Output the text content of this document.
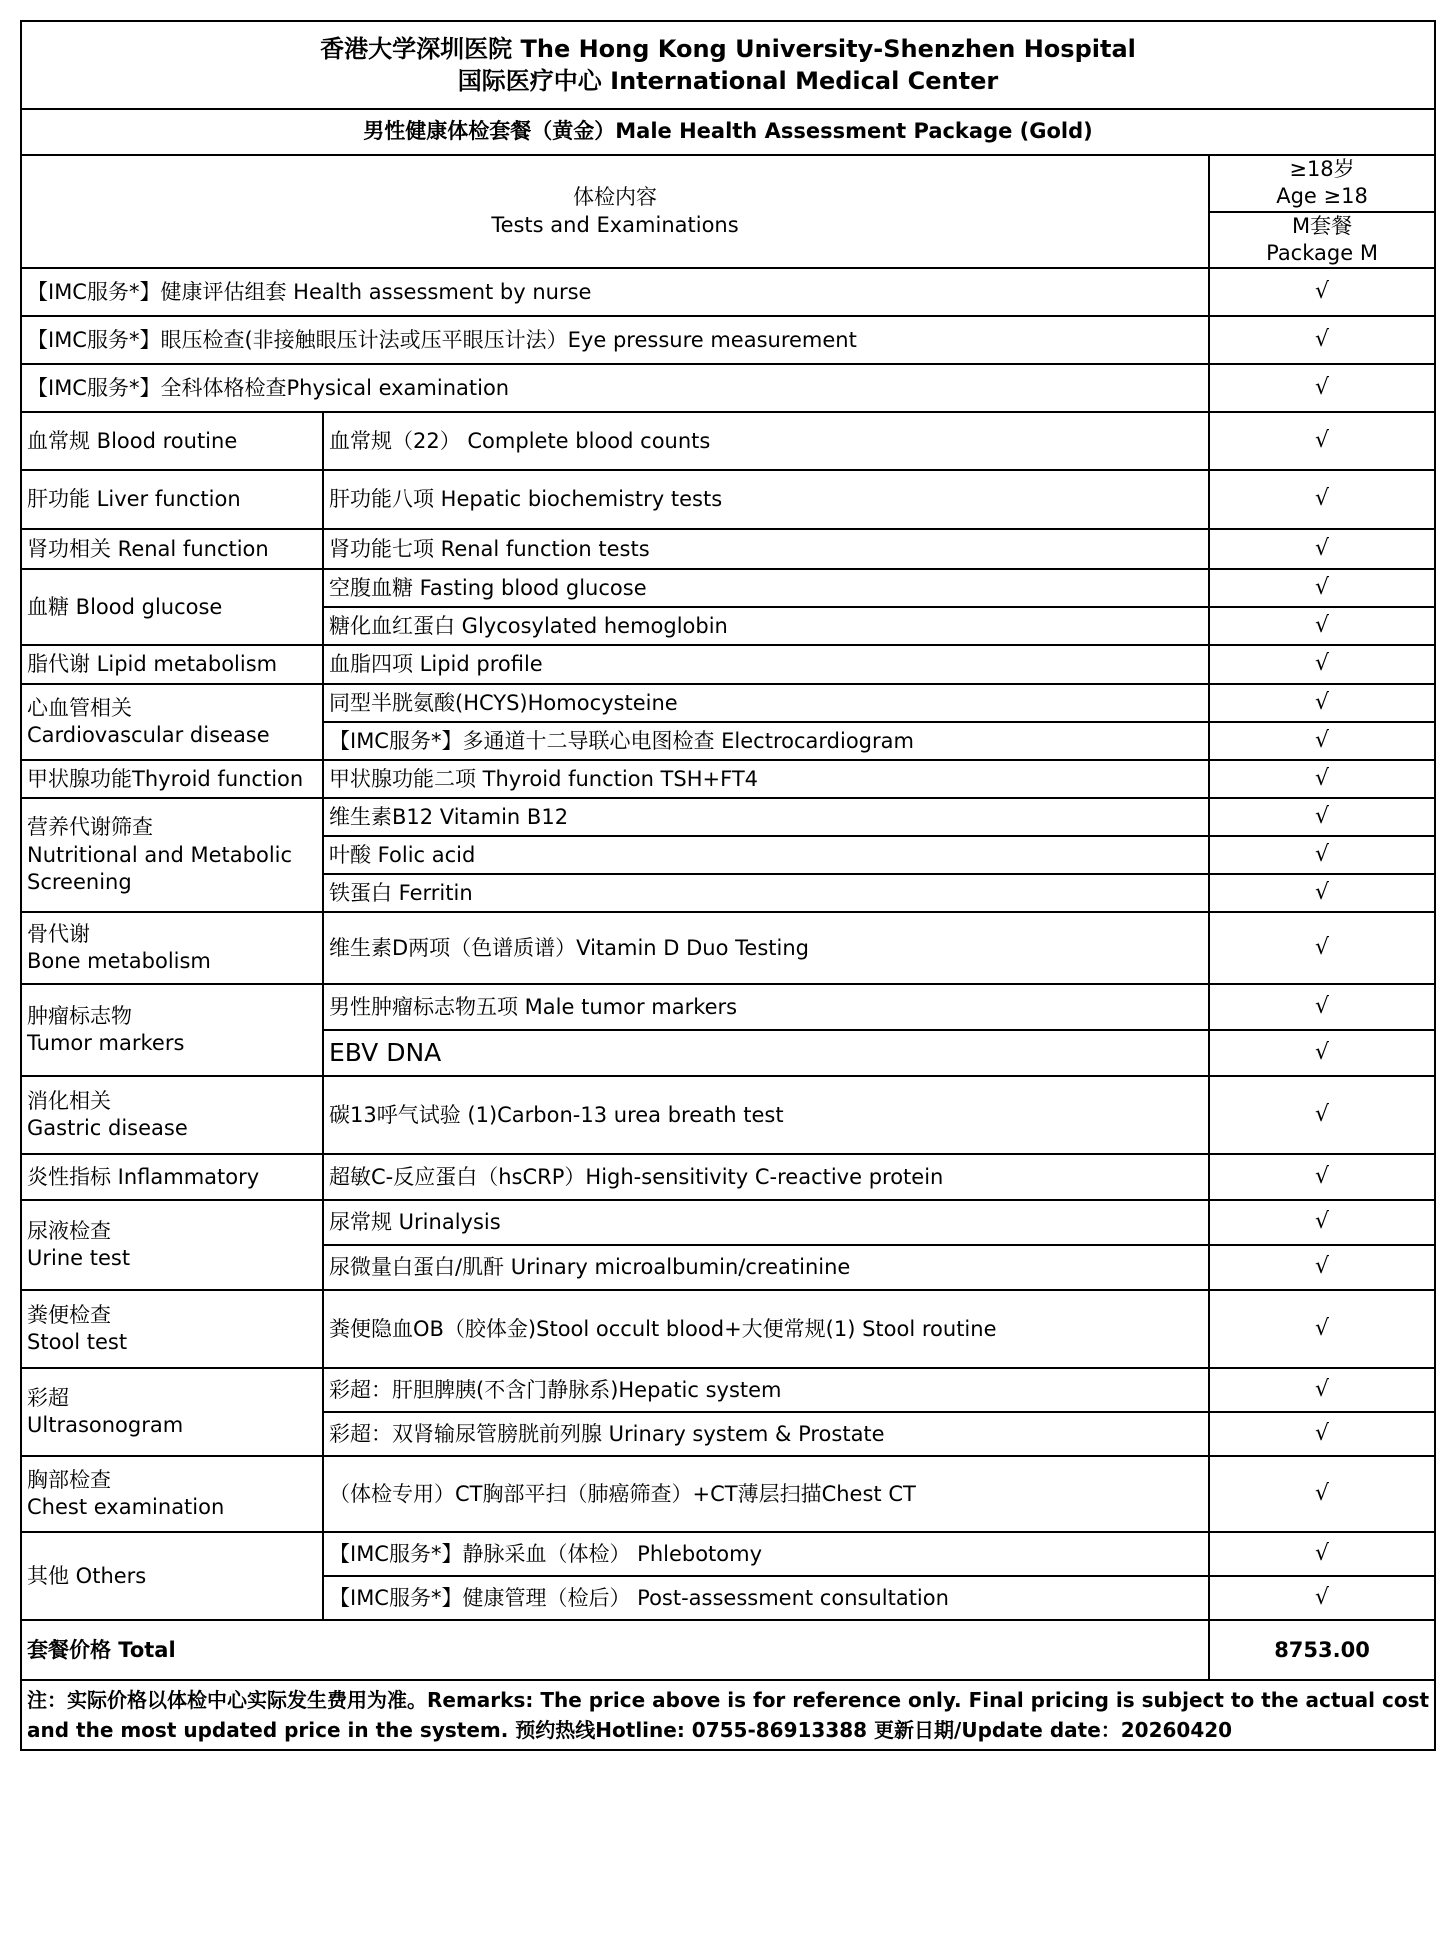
香港大学深圳医院 The Hong Kong University-Shenzhen Hospital
国际医疗中心 International Medical Center		

男性健康体检套餐（黄金）Male Health Assessment Package (Gold)		

体检内容
Tests and Examinations		≥18岁
Age ≥18

		M套餐
Package M

【IMC服务*】健康评估组套 Health assessment by nurse		√
【IMC服务*】眼压检查(非接触眼压计法或压平眼压计法）Eye pressure measurement		√
【IMC服务*】全科体格检查Physical examination		√
血常规 Blood routine	血常规（22） Complete blood counts	√
肝功能 Liver function	肝功能八项 Hepatic biochemistry tests	√
肾功相关 Renal function	肾功能七项 Renal function tests	√
血糖 Blood glucose	空腹血糖 Fasting blood glucose	√
	糖化血红蛋白 Glycosylated hemoglobin	√
脂代谢 Lipid metabolism	血脂四项 Lipid profile	√

心血管相关
Cardiovascular disease	同型半胱氨酸(HCYS)Homocysteine	√
	【IMC服务*】多通道十二导联心电图检查 Electrocardiogram	√
甲状腺功能Thyroid function	甲状腺功能二项 Thyroid function TSH+FT4	√

营养代谢筛查
Nutritional and Metabolic
Screening	维生素B12 Vitamin B12	√
	叶酸 Folic acid	√
	铁蛋白 Ferritin	√

骨代谢
Bone metabolism	维生素D两项（色谱质谱）Vitamin D Duo Testing	√

肿瘤标志物
Tumor markers	男性肿瘤标志物五项 Male tumor markers	√
	EBV DNA	√

消化相关
Gastric disease	碳13呼气试验 (1)Carbon-13 urea breath test	√
炎性指标 Inflammatory	超敏C-反应蛋白（hsCRP）High-sensitivity C-reactive protein	√

尿液检查
Urine test	尿常规 Urinalysis	√
	尿微量白蛋白/肌酐 Urinary microalbumin/creatinine	√

粪便检查
Stool test	粪便隐血OB（胶体金)Stool occult blood+大便常规(1) Stool routine	√

彩超
Ultrasonogram	彩超：肝胆脾胰(不含门静脉系)Hepatic system	√
	彩超：双肾输尿管膀胱前列腺 Urinary system & Prostate	√

胸部检查
Chest examination	（体检专用）CT胸部平扫（肺癌筛查）+CT薄层扫描Chest CT	√
其他 Others	【IMC服务*】静脉采血（体检） Phlebotomy	√
	【IMC服务*】健康管理（检后） Post-assessment consultation	√
套餐价格 Total		8753.00

注：实际价格以体检中心实际发生费用为准。Remarks: The price above is for reference only. Final pricing is subject to the actual cost
and the most updated price in the system. 预约热线Hotline: 0755-86913388 更新日期/Update date：20260420		
